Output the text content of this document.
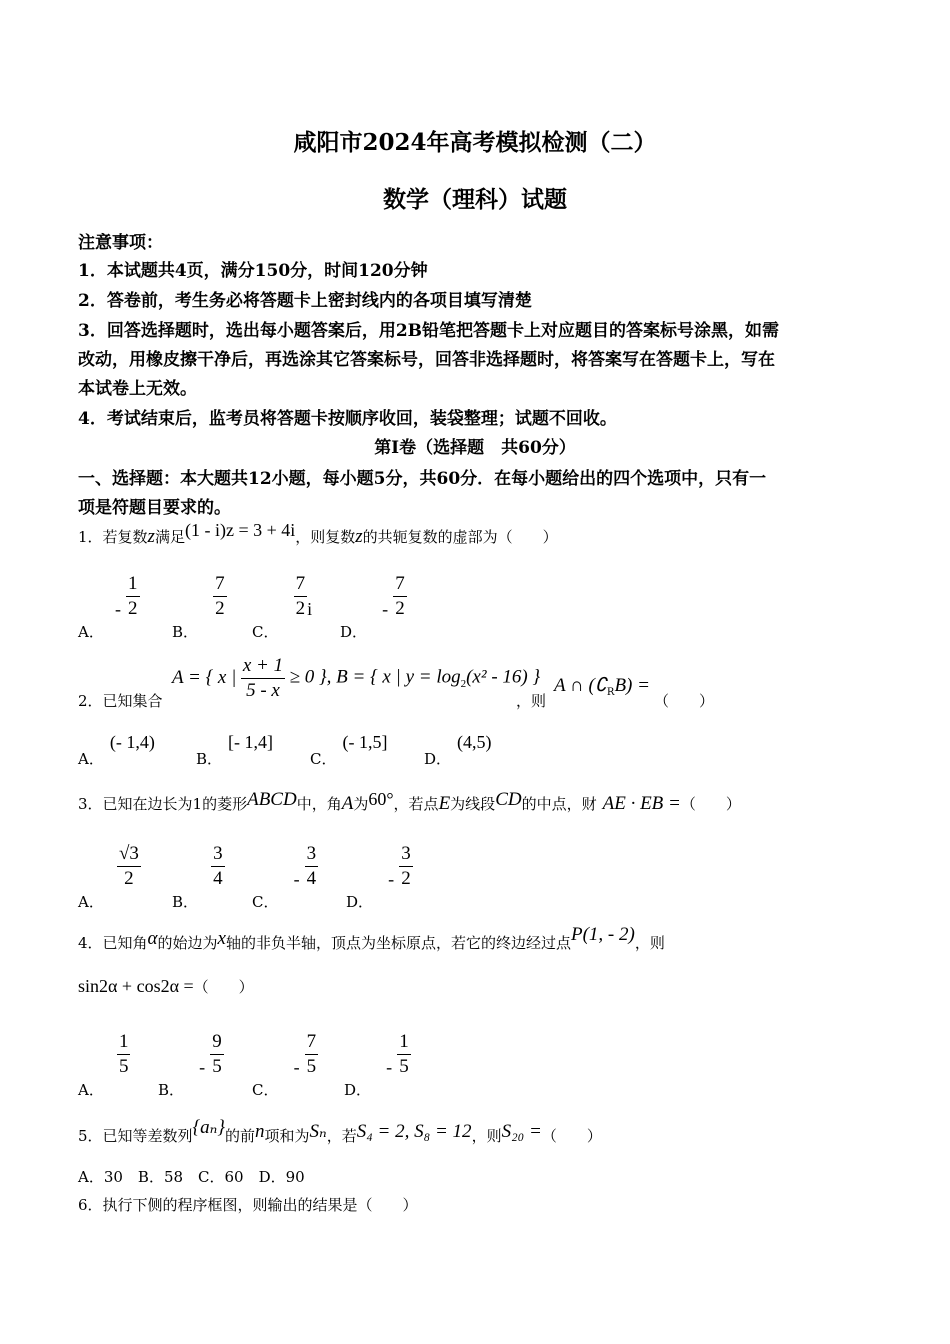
咸阳市2024年高考模拟检测（二）
数学（理科）试题
注意事项：
1．本试题共4页，满分150分，时间120分钟
2．答卷前，考生务必将答题卡上密封线内的各项目填写清楚
3．回答选择题时，选出每小题答案后，用2B铅笔把答题卡上对应题目的答案标号涂黑，如需
改动，用橡皮擦干净后，再选涂其它答案标号，回答非选择题时，将答案写在答题卡上，写在
本试卷上无效。
4．考试结束后，监考员将答题卡按顺序收回，装袋整理；试题不回收。
第Ⅰ卷（选择题　共60分）
一、选择题：本大题共12小题，每小题5分，共60分．在每小题给出的四个选项中，只有一
项是符题目要求的。
1．若复数z满足(1 - i)z = 3 + 4i，则复数z的共轭复数的虚部为（　　）
A． - $\frac{1}{2}$
B．
$\frac{7}{2}$
C．
$\frac{7}{2}$ i
D． - $\frac{7}{2}$
2．已知集合
A = { x | $\frac{x + 1}{5 - x} \ge 0$ }, B = { x | $y = \log_2(x^2 - 16)$ }
，则
A ∩ $(∁_RB)$ =
（　　）
A．(- 1,4)
B．[- 1,4]
C．(- 1,5]
D．(4,5)
3．已知在边长为1的菱形ABCD中，角A为60°，若点E为线段CD的中点，财 AE · EB =（　　）
A．
$\frac{√3}{2}$
B．
$\frac{3}{4}$
C． - $\frac{3}{4}$
D． - $\frac{3}{2}$
4．已知角α的始边为x轴的非负半轴，顶点为坐标原点，若它的终边经过点P(1, - 2)，则
sin2α + cos2α =（　　）
A．
$\frac{1}{5}$
B． - $\frac{9}{5}$
C． - $\frac{7}{5}$
D． - $\frac{1}{5}$
5．已知等差数列{aₙ}的前n项和为Sₙ，若S₄ = 2, S₈ = 12，则S₂₀ =（　　）
A．30　B．58　C．60　D．90
6．执行下侧的程序框图，则输出的结果是（　　）
